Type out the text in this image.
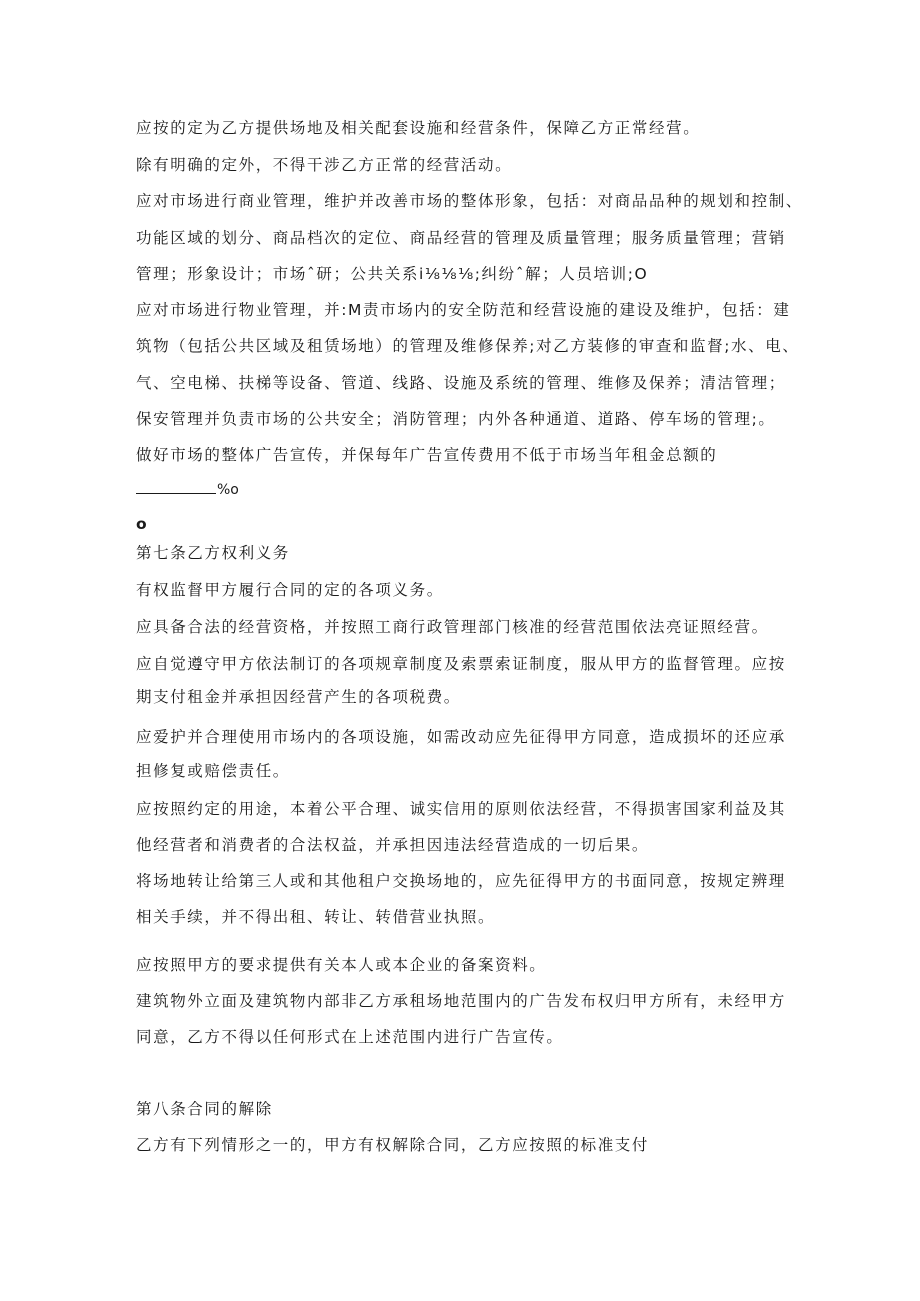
应按的定为乙方提供场地及相关配套设施和经营条件，保障乙方正常经营。
除有明确的定外，不得干涉乙方正常的经营活动。
应对市场进行商业管理，维护并改善市场的整体形象，包括：对商品品种的规划和控制、
功能区域的划分、商品档次的定位、商品经营的管理及质量管理；服务质量管理；营销
管理；形象设计；市场ˆ研；公共关系i⅛⅛⅛;纠纷ˆ解；人员培训;O
应对市场进行物业管理，并:M责市场内的安全防范和经营设施的建设及维护，包括：建
筑物（包括公共区域及租赁场地）的管理及维修保养;对乙方装修的审查和监督;水、电、
气、空电梯、扶梯等设备、管道、线路、设施及系统的管理、维修及保养；清洁管理；
保安管理并负责市场的公共安全；消防管理；内外各种通道、道路、停车场的管理;。
做好市场的整体广告宣传，并保每年广告宣传费用不低于市场当年租金总额的
%o
o
第七条乙方权利义务
有权监督甲方履行合同的定的各项义务。
应具备合法的经营资格，并按照工商行政管理部门核准的经营范围依法亮证照经营。
应自觉遵守甲方依法制订的各项规章制度及索票索证制度，服从甲方的监督管理。应按
期支付租金并承担因经营产生的各项税费。
应爱护并合理使用市场内的各项设施，如需改动应先征得甲方同意，造成损坏的还应承
担修复或赔偿责任。
应按照约定的用途，本着公平合理、诚实信用的原则依法经营，不得损害国家利益及其
他经营者和消费者的合法权益，并承担因违法经营造成的一切后果。
将场地转让给第三人或和其他租户交换场地的，应先征得甲方的书面同意，按规定辨理
相关手续，并不得出租、转让、转借营业执照。
应按照甲方的要求提供有关本人或本企业的备案资料。
建筑物外立面及建筑物内部非乙方承租场地范围内的广告发布权归甲方所有，未经甲方
同意，乙方不得以任何形式在上述范围内进行广告宣传。
第八条合同的解除
乙方有下列情形之一的，甲方有权解除合同，乙方应按照的标准支付
